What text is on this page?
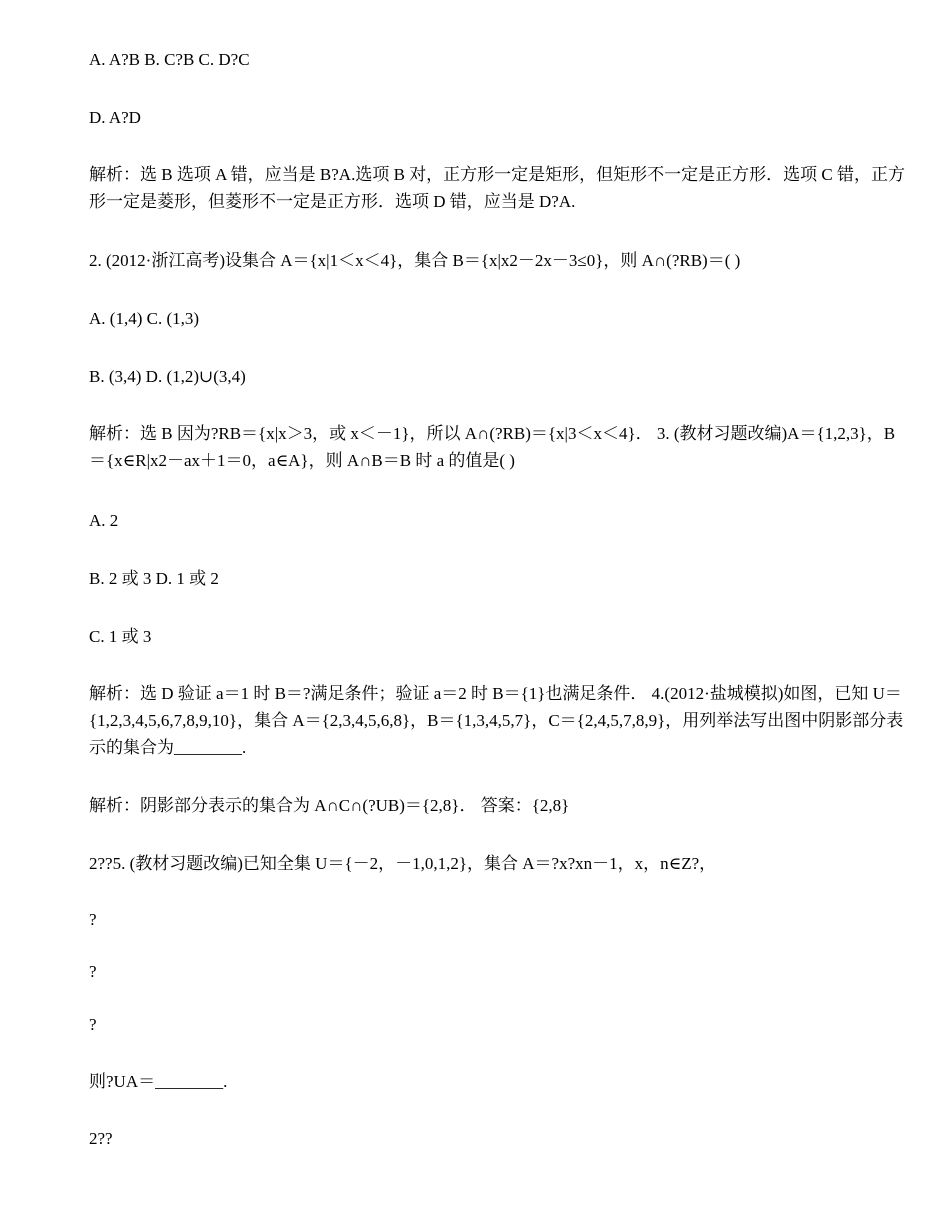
A. A?B B. C?B C. D?C
D. A?D
解析：选 B 选项 A 错，应当是 B?A.选项 B 对，正方形一定是矩形，但矩形不一定是正方形．选项 C 错，正方形一定是菱形，但菱形不一定是正方形．选项 D 错，应当是 D?A.
2. (2012·浙江高考)设集合 A＝{x|1＜x＜4}，集合 B＝{x|x2－2x－3≤0}，则 A∩(?RB)＝( )
A. (1,4) C. (1,3)
B. (3,4) D. (1,2)∪(3,4)
解析：选 B 因为?RB＝{x|x＞3，或 x＜－1}，所以 A∩(?RB)＝{x|3＜x＜4}． 3. (教材习题改编)A＝{1,2,3}，B＝{x∈R|x2－ax＋1＝0，a∈A}，则 A∩B＝B 时 a 的值是( )
A. 2
B. 2 或 3 D. 1 或 2
C. 1 或 3
解析：选 D 验证 a＝1 时 B＝?满足条件；验证 a＝2 时 B＝{1}也满足条件． 4.(2012·盐城模拟)如图，已知 U＝{1,2,3,4,5,6,7,8,9,10}，集合 A＝{2,3,4,5,6,8}，B＝{1,3,4,5,7}，C＝{2,4,5,7,8,9}，用列举法写出图中阴影部分表示的集合为________.
解析：阴影部分表示的集合为 A∩C∩(?UB)＝{2,8}． 答案：{2,8}
2??5. (教材习题改编)已知全集 U＝{－2，－1,0,1,2}，集合 A＝?x?xn－1，x，n∈Z?，
?
?
?
则?UA＝________.
2??
